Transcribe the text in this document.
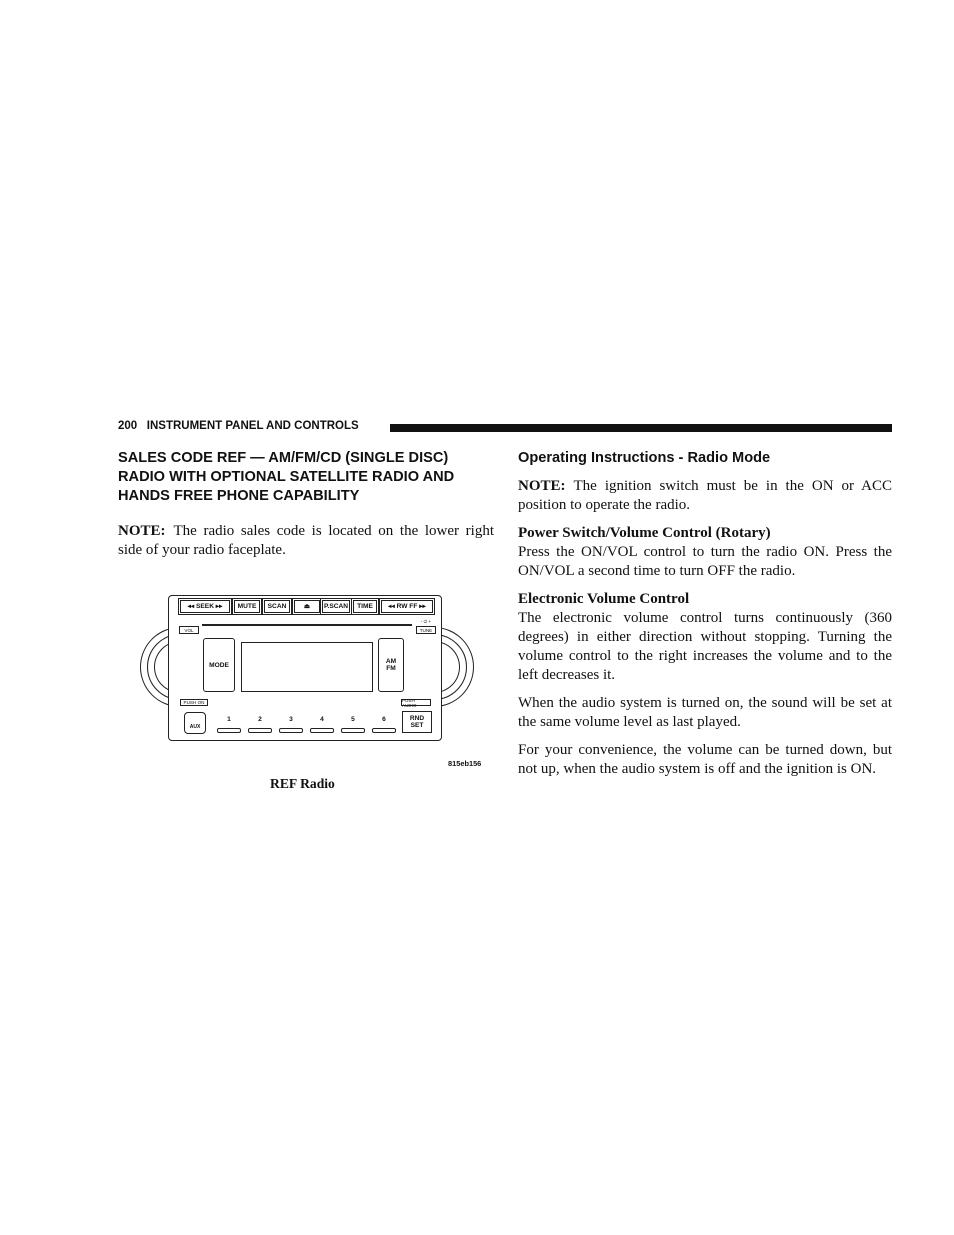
200 INSTRUMENT PANEL AND CONTROLS
SALES CODE REF — AM/FM/CD (SINGLE DISC)
RADIO WITH OPTIONAL SATELLITE RADIO AND
HANDS FREE PHONE CAPABILITY

NOTE: The radio sales code is located on the lower right side of your radio faceplate.

◂◂ SEEK ▸▸	MUTE	SCAN	⏏	P.SCAN	TIME	◂◂ RW FF ▸▸
VOL	TUNE
- ⏻ +
MODE	AM
FM
PUSH ON	PUSH AUDIO
AUX
1	2	3	4	5	6	RND
SET
815eb156
REF Radio
Operating Instructions - Radio Mode

NOTE: The ignition switch must be in the ON or ACC position to operate the radio.

Power Switch/Volume Control (Rotary)

Press the ON/VOL control to turn the radio ON. Press the ON/VOL a second time to turn OFF the radio.

Electronic Volume Control

The electronic volume control turns continuously (360 degrees) in either direction without stopping. Turning the volume control to the right increases the volume and to the left decreases it.

When the audio system is turned on, the sound will be set at the same volume level as last played.

For your convenience, the volume can be turned down, but not up, when the audio system is off and the ignition is ON.
